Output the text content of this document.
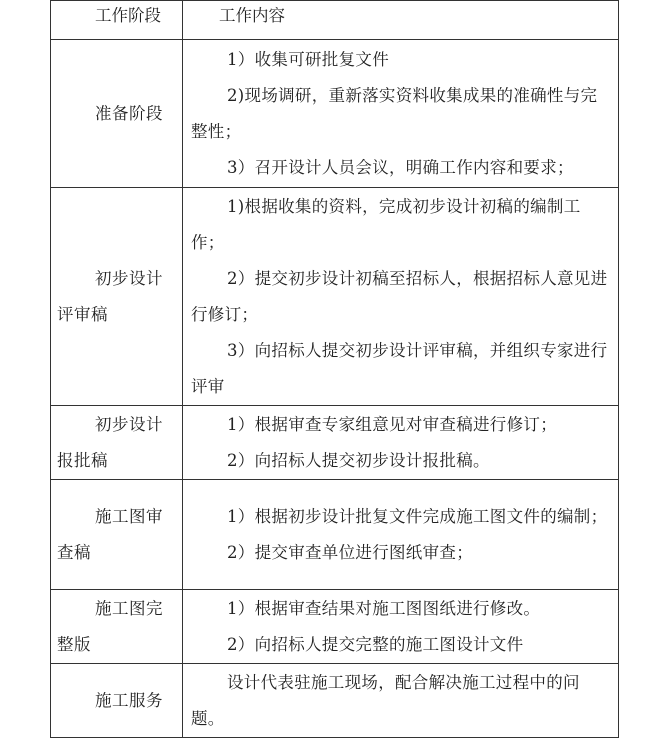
工作阶段	工作内容
准备阶段	1）收集可研批复文件

2)现场调研，重新落实资料收集成果的准确性与完整性；

3）召开设计人员会议，明确工作内容和要求；

初步设计评审稿	1)根据收集的资料，完成初步设计初稿的编制工作；

2）提交初步设计初稿至招标人，根据招标人意见进行修订；

3）向招标人提交初步设计评审稿，并组织专家进行评审

初步设计报批稿	1）根据审查专家组意见对审查稿进行修订；

2）向招标人提交初步设计报批稿。

施工图审查稿	1）根据初步设计批复文件完成施工图文件的编制；

2）提交审查单位进行图纸审查；

施工图完整版	1）根据审查结果对施工图图纸进行修改。

2）向招标人提交完整的施工图设计文件

施工服务	设计代表驻施工现场，配合解决施工过程中的问题。
